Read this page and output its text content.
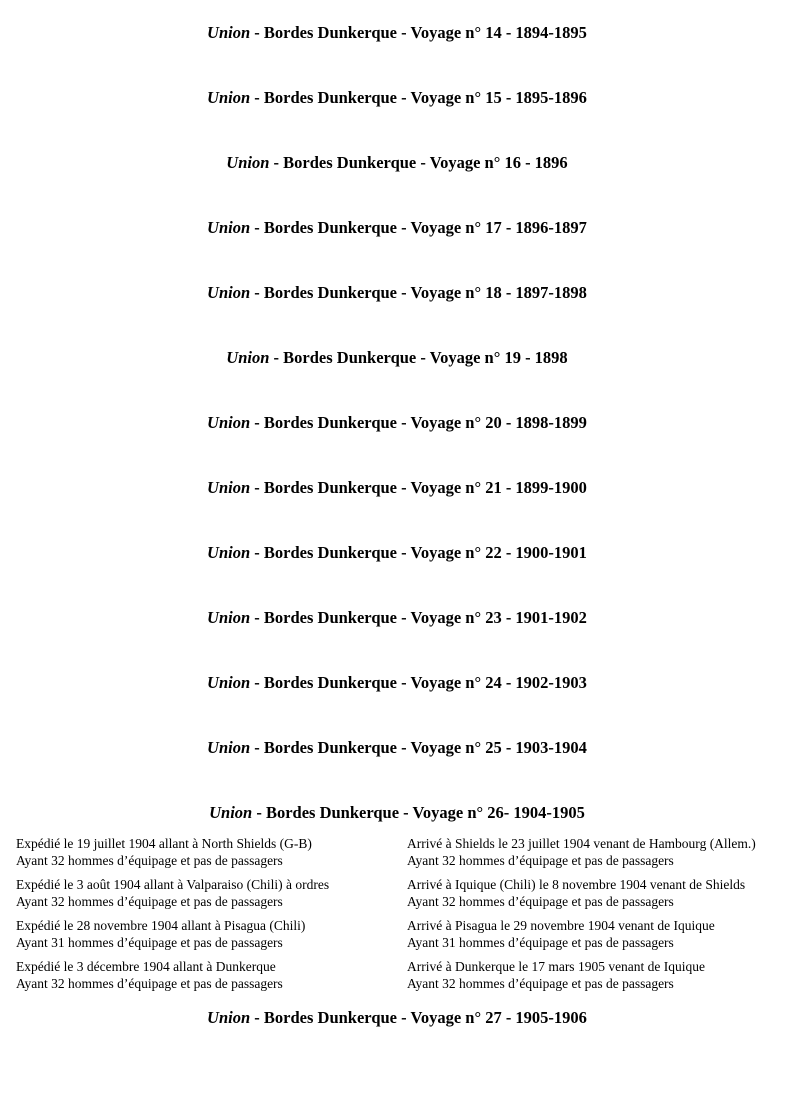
Union - Bordes Dunkerque - Voyage n° 14 - 1894-1895
Union - Bordes Dunkerque - Voyage n° 15 - 1895-1896
Union - Bordes Dunkerque - Voyage n° 16 - 1896
Union - Bordes Dunkerque - Voyage n° 17 - 1896-1897
Union - Bordes Dunkerque - Voyage n° 18 - 1897-1898
Union - Bordes Dunkerque - Voyage n° 19 - 1898
Union - Bordes Dunkerque - Voyage n° 20 - 1898-1899
Union - Bordes Dunkerque - Voyage n° 21 - 1899-1900
Union - Bordes Dunkerque - Voyage n° 22 - 1900-1901
Union - Bordes Dunkerque - Voyage n° 23 - 1901-1902
Union - Bordes Dunkerque - Voyage n° 24 - 1902-1903
Union - Bordes Dunkerque - Voyage n° 25 - 1903-1904
Union - Bordes Dunkerque - Voyage n° 26- 1904-1905
Union - Bordes Dunkerque - Voyage n° 27 - 1905-1906
Expédié le 19 juillet 1904 allant à North Shields (G-B)
Ayant 32 hommes d’équipage et pas de passagers
Arrivé à Shields le 23 juillet 1904 venant de Hambourg (Allem.)
Ayant 32 hommes d’équipage et pas de passagers
Expédié le 3 août 1904 allant à Valparaiso (Chili) à ordres
Ayant 32 hommes d’équipage et pas de passagers
Arrivé à Iquique (Chili) le 8 novembre 1904 venant de Shields
Ayant 32 hommes d’équipage et pas de passagers
Expédié le 28 novembre 1904 allant à Pisagua (Chili)
Ayant 31 hommes d’équipage et pas de passagers
Arrivé à Pisagua le 29 novembre 1904 venant de Iquique
Ayant 31 hommes d’équipage et pas de passagers
Expédié le 3 décembre 1904 allant à Dunkerque
Ayant 32 hommes d’équipage et pas de passagers
Arrivé à Dunkerque le 17 mars 1905 venant de Iquique
Ayant 32 hommes d’équipage et pas de passagers
